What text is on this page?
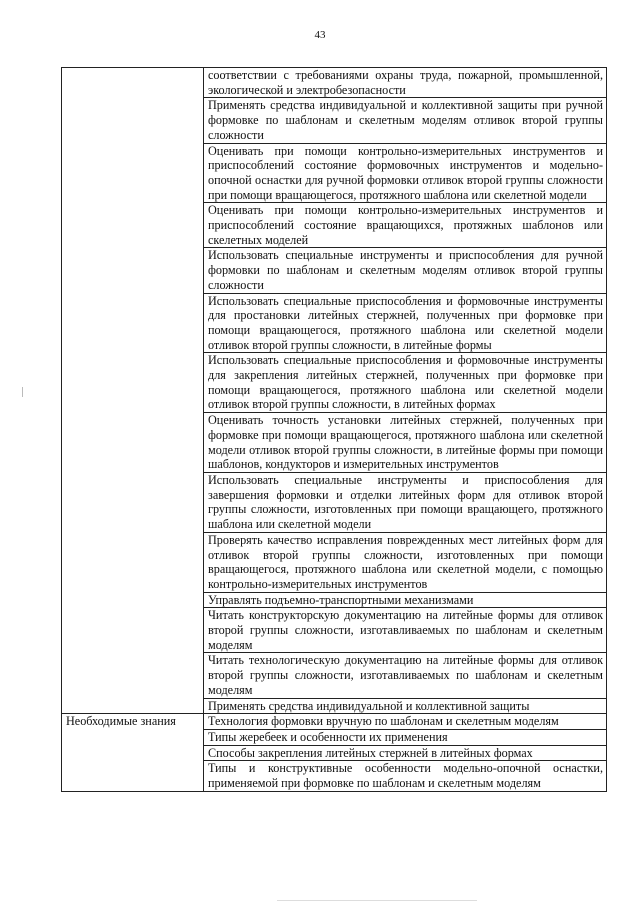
43
	соответствии с требованиями охраны труда, пожарной, промышленной, экологической и электробезопасности
	Применять средства индивидуальной и коллективной защиты при ручной формовке по шаблонам и скелетным моделям отливок второй группы сложности
	Оценивать при помощи контрольно-измерительных инструментов и приспособлений состояние формовочных инструментов и модельно-опочной оснастки для ручной формовки отливок второй группы сложности при помощи вращающегося, протяжного шаблона или скелетной модели
	Оценивать при помощи контрольно-измерительных инструментов и приспособлений состояние вращающихся, протяжных шаблонов или скелетных моделей
	Использовать специальные инструменты и приспособления для ручной формовки по шаблонам и скелетным моделям отливок второй группы сложности
	Использовать специальные приспособления и формовочные инструменты для простановки литейных стержней, полученных при формовке при помощи вращающегося, протяжного шаблона или скелетной модели отливок второй группы сложности, в литейные формы
	Использовать специальные приспособления и формовочные инструменты для закрепления литейных стержней, полученных при формовке при помощи вращающегося, протяжного шаблона или скелетной модели отливок второй группы сложности, в литейных формах
	Оценивать точность установки литейных стержней, полученных при формовке при помощи вращающегося, протяжного шаблона или скелетной модели отливок второй группы сложности, в литейные формы при помощи шаблонов, кондукторов и измерительных инструментов
	Использовать специальные инструменты и приспособления для завершения формовки и отделки литейных форм для отливок второй группы сложности, изготовленных при помощи вращающего, протяжного шаблона или скелетной модели
	Проверять качество исправления поврежденных мест литейных форм для отливок второй группы сложности, изготовленных при помощи вращающегося, протяжного шаблона или скелетной модели, с помощью контрольно-измерительных инструментов
	Управлять подъемно-транспортными механизмами
	Читать конструкторскую документацию на литейные формы для отливок второй группы сложности, изготавливаемых по шаблонам и скелетным моделям
	Читать технологическую документацию на литейные формы для отливок второй группы сложности, изготавливаемых по шаблонам и скелетным моделям
	Применять средства индивидуальной и коллективной защиты
Необходимые знания	Технология формовки вручную по шаблонам и скелетным моделям
	Типы жеребеек и особенности их применения
	Способы закрепления литейных стержней в литейных формах
	Типы и конструктивные особенности модельно-опочной оснастки, применяемой при формовке по шаблонам и скелетным моделям
